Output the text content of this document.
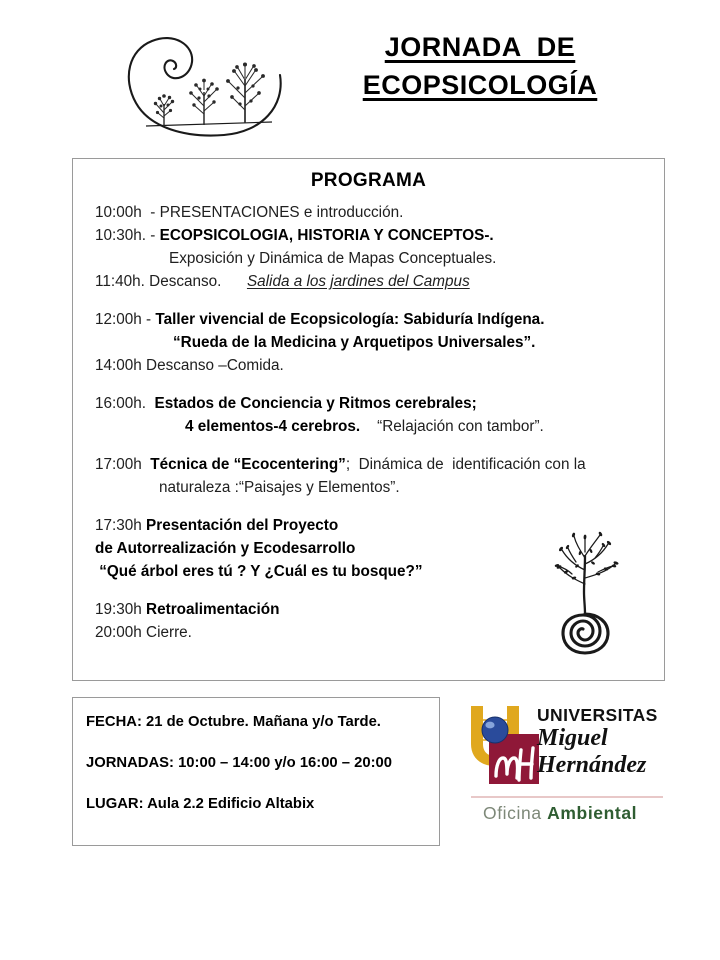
JORNADA  DE
ECOPSICOLOGÍA
PROGRAMA
10:00h  - PRESENTACIONES e introducción.
10:30h. - ECOPSICOLOGIA, HISTORIA Y CONCEPTOS-.
Exposición y Dinámica de Mapas Conceptuales.
11:40h. Descanso.      Salida a los jardines del Campus
12:00h - Taller vivencial de Ecopsicología: Sabiduría Indígena.
“Rueda de la Medicina y Arquetipos Universales”.
14:00h Descanso –Comida.
16:00h.  Estados de Conciencia y Ritmos cerebrales;
4 elementos-4 cerebros.    “Relajación con tambor”.
17:00h  Técnica de “Ecocentering”;  Dinámica de  identificación con la
naturaleza :“Paisajes y Elementos”.
17:30h Presentación del Proyecto
de Autorrealización y Ecodesarrollo
“Qué árbol eres tú ? Y ¿Cuál es tu bosque?”
19:30h Retroalimentación
20:00h Cierre.
FECHA: 21 de Octubre. Mañana y/o Tarde.
JORNADAS: 10:00 – 14:00 y/o 16:00 – 20:00
LUGAR: Aula 2.2 Edificio Altabix
UNIVERSITAS
Miguel
Hernández
Oficina Ambiental
